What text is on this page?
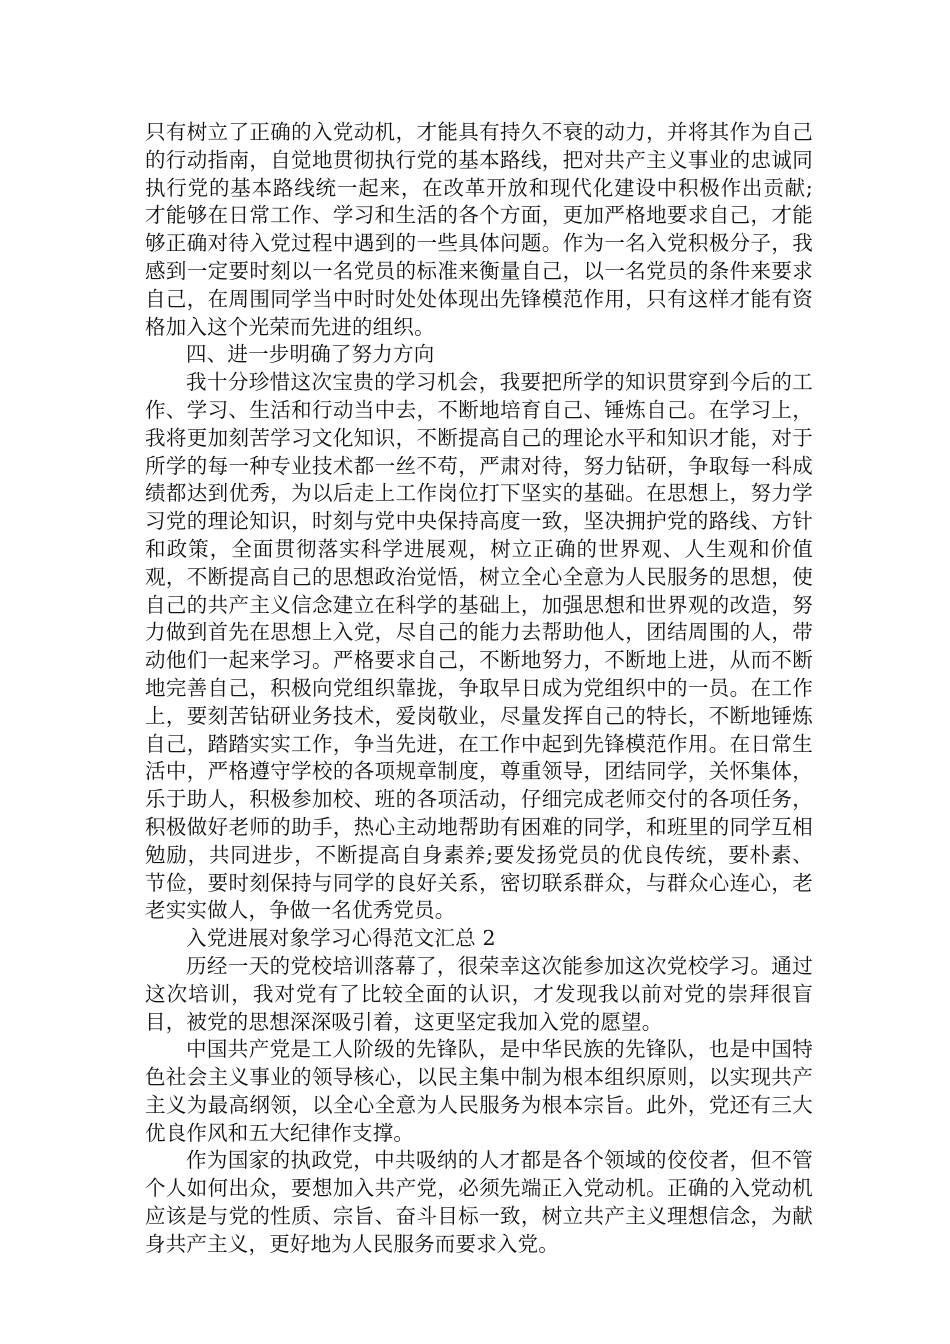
只有树立了正确的入党动机，才能具有持久不衰的动力，并将其作为自己的行动指南，自觉地贯彻执行党的基本路线，把对共产主义事业的忠诚同执行党的基本路线统一起来，在改革开放和现代化建设中积极作出贡献;才能够在日常工作、学习和生活的各个方面，更加严格地要求自己，才能够正确对待入党过程中遇到的一些具体问题。作为一名入党积极分子，我感到一定要时刻以一名党员的标准来衡量自己，以一名党员的条件来要求自己，在周围同学当中时时处处体现出先锋模范作用，只有这样才能有资格加入这个光荣而先进的组织。

四、进一步明确了努力方向

我十分珍惜这次宝贵的学习机会，我要把所学的知识贯穿到今后的工作、学习、生活和行动当中去，不断地培育自己、锤炼自己。在学习上，我将更加刻苦学习文化知识，不断提高自己的理论水平和知识才能，对于所学的每一种专业技术都一丝不苟，严肃对待，努力钻研，争取每一科成绩都达到优秀，为以后走上工作岗位打下坚实的基础。在思想上，努力学习党的理论知识，时刻与党中央保持高度一致，坚决拥护党的路线、方针和政策，全面贯彻落实科学进展观，树立正确的世界观、人生观和价值观，不断提高自己的思想政治觉悟，树立全心全意为人民服务的思想，使自己的共产主义信念建立在科学的基础上，加强思想和世界观的改造，努力做到首先在思想上入党，尽自己的能力去帮助他人，团结周围的人，带动他们一起来学习。严格要求自己，不断地努力，不断地上进，从而不断地完善自己，积极向党组织靠拢，争取早日成为党组织中的一员。在工作上，要刻苦钻研业务技术，爱岗敬业，尽量发挥自己的特长，不断地锤炼自己，踏踏实实工作，争当先进，在工作中起到先锋模范作用。在日常生活中，严格遵守学校的各项规章制度，尊重领导，团结同学，关怀集体，乐于助人，积极参加校、班的各项活动，仔细完成老师交付的各项任务，积极做好老师的助手，热心主动地帮助有困难的同学，和班里的同学互相勉励，共同进步，不断提高自身素养;要发扬党员的优良传统，要朴素、节俭，要时刻保持与同学的良好关系，密切联系群众，与群众心连心，老老实实做人，争做一名优秀党员。

入党进展对象学习心得范文汇总 2

历经一天的党校培训落幕了，很荣幸这次能参加这次党校学习。通过这次培训，我对党有了比较全面的认识，才发现我以前对党的崇拜很盲目，被党的思想深深吸引着，这更坚定我加入党的愿望。

中国共产党是工人阶级的先锋队，是中华民族的先锋队，也是中国特色社会主义事业的领导核心，以民主集中制为根本组织原则，以实现共产主义为最高纲领，以全心全意为人民服务为根本宗旨。此外，党还有三大优良作风和五大纪律作支撑。

作为国家的执政党，中共吸纳的人才都是各个领域的佼佼者，但不管个人如何出众，要想加入共产党，必须先端正入党动机。正确的入党动机应该是与党的性质、宗旨、奋斗目标一致，树立共产主义理想信念，为献身共产主义，更好地为人民服务而要求入党。
